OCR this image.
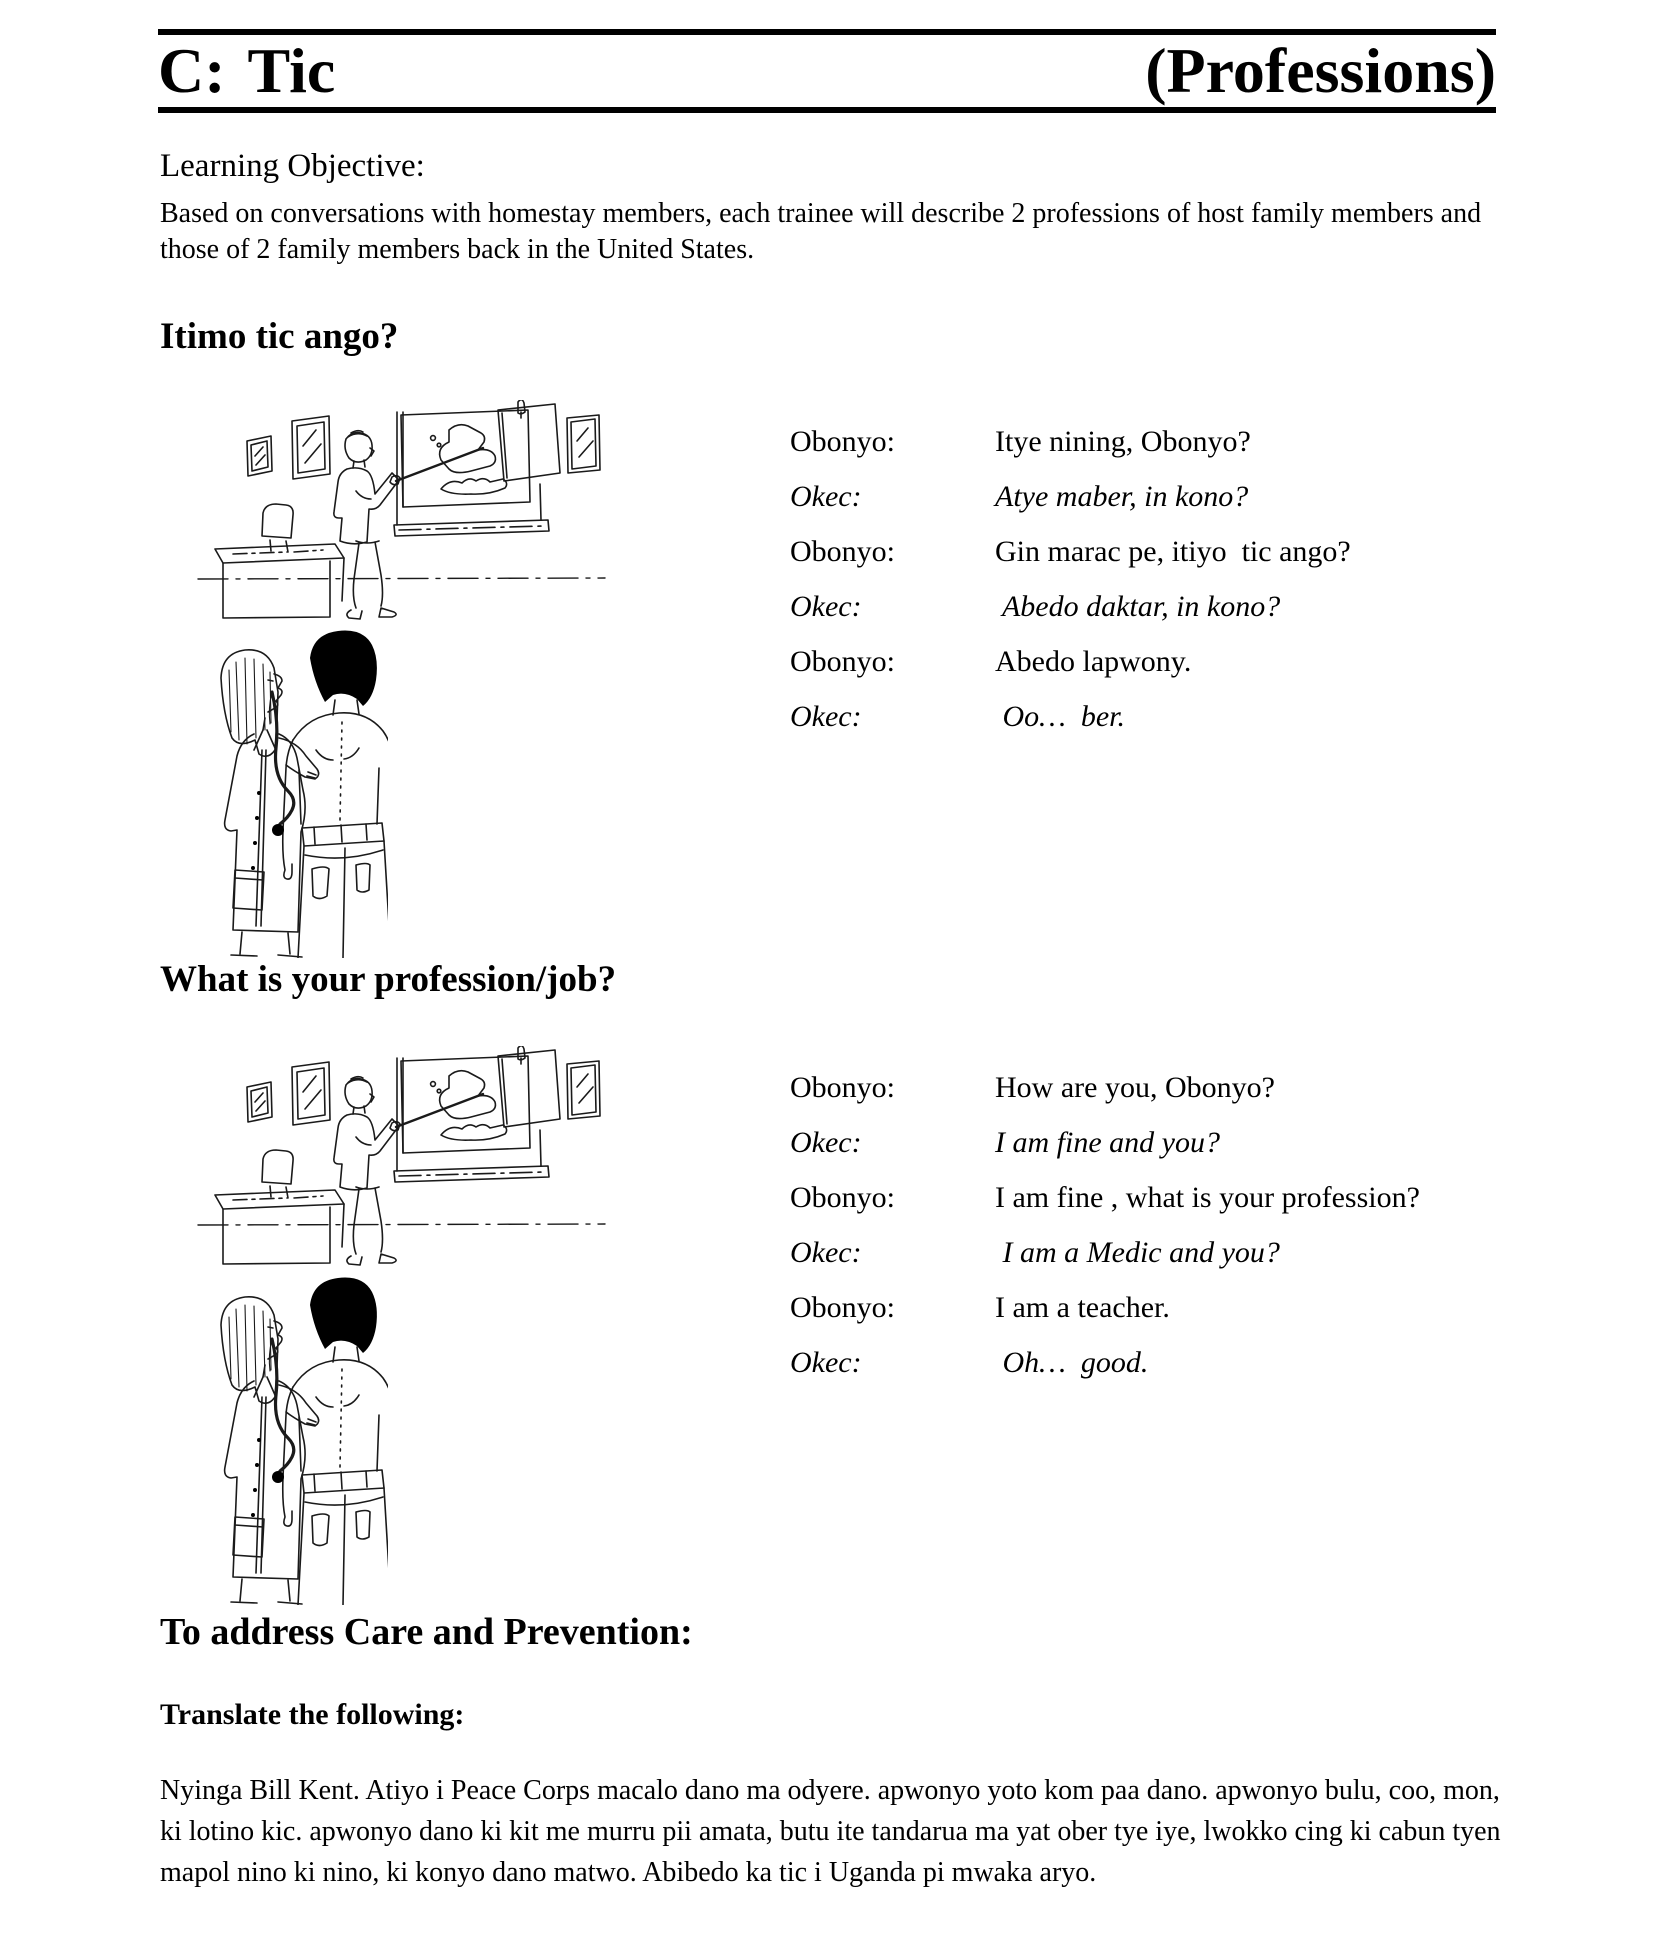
C: Tic	(Professions)
Learning Objective:
Based on conversations with homestay members, each trainee will describe 2 professions of host family members and those of 2 family members back in the United States.
Itimo tic ango?
Obonyo:	Itye nining, Obonyo?
Okec:	Atye maber, in kono?
Obonyo:	Gin marac pe, itiyo  tic ango?
Okec:	Abedo daktar, in kono?
Obonyo:	Abedo lapwony.
Okec:	Oo…  ber.
What is your profession/job?
Obonyo:	How are you, Obonyo?
Okec:	I am fine and you?
Obonyo:	I am fine , what is your profession?
Okec:	I am a Medic and you?
Obonyo:	I am a teacher.
Okec:	Oh…  good.
To address Care and Prevention:
Translate the following:
Nyinga Bill Kent. Atiyo i Peace Corps macalo dano ma odyere. apwonyo yoto kom paa dano. apwonyo bulu, coo, mon, ki lotino kic. apwonyo dano ki kit me murru pii amata, butu ite tandarua ma yat ober tye iye, lwokko cing ki cabun tyen mapol nino ki nino, ki konyo dano matwo. Abibedo ka tic i Uganda pi mwaka aryo.
